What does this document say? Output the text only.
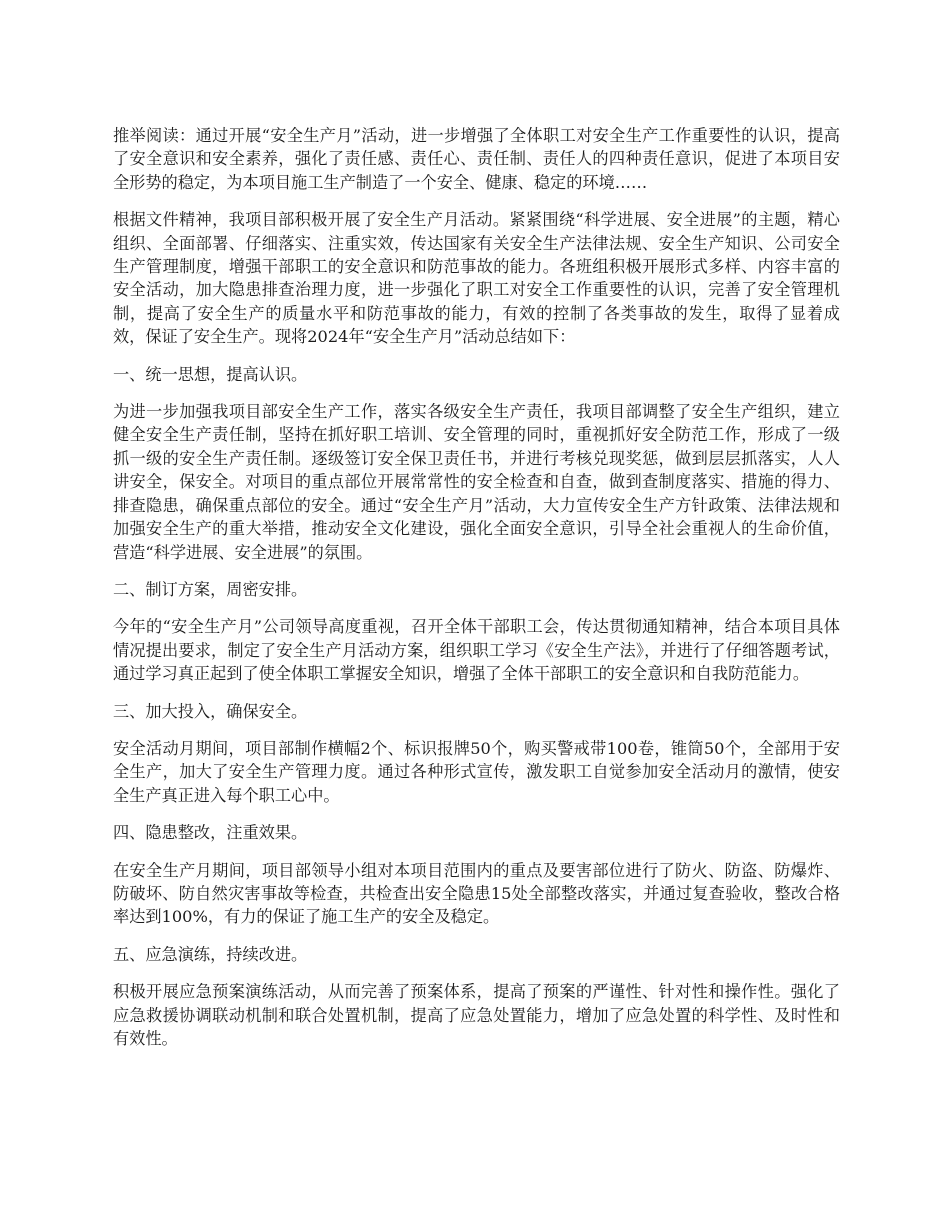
推举阅读：通过开展“安全生产月”活动，进一步增强了全体职工对安全生产工作重要性的认识，提高了安全意识和安全素养，强化了责任感、责任心、责任制、责任人的四种责任意识，促进了本项目安全形势的稳定，为本项目施工生产制造了一个安全、健康、稳定的环境……

根据文件精神，我项目部积极开展了安全生产月活动。紧紧围绕“科学进展、安全进展”的主题，精心组织、全面部署、仔细落实、注重实效，传达国家有关安全生产法律法规、安全生产知识、公司安全生产管理制度，增强干部职工的安全意识和防范事故的能力。各班组积极开展形式多样、内容丰富的安全活动，加大隐患排查治理力度，进一步强化了职工对安全工作重要性的认识，完善了安全管理机制，提高了安全生产的质量水平和防范事故的能力，有效的控制了各类事故的发生，取得了显着成效，保证了安全生产。现将2024年“安全生产月”活动总结如下：

一、统一思想，提高认识。

为进一步加强我项目部安全生产工作，落实各级安全生产责任，我项目部调整了安全生产组织，建立健全安全生产责任制，坚持在抓好职工培训、安全管理的同时，重视抓好安全防范工作，形成了一级抓一级的安全生产责任制。逐级签订安全保卫责任书，并进行考核兑现奖惩，做到层层抓落实，人人讲安全，保安全。对项目的重点部位开展常常性的安全检查和自查，做到查制度落实、措施的得力、排查隐患，确保重点部位的安全。通过“安全生产月”活动，大力宣传安全生产方针政策、法律法规和加强安全生产的重大举措，推动安全文化建设，强化全面安全意识，引导全社会重视人的生命价值，营造“科学进展、安全进展”的氛围。

二、制订方案，周密安排。

今年的“安全生产月”公司领导高度重视，召开全体干部职工会，传达贯彻通知精神，结合本项目具体情况提出要求，制定了安全生产月活动方案，组织职工学习《安全生产法》，并进行了仔细答题考试，通过学习真正起到了使全体职工掌握安全知识，增强了全体干部职工的安全意识和自我防范能力。

三、加大投入，确保安全。

安全活动月期间，项目部制作横幅2个、标识报牌50个，购买警戒带100卷，锥筒50个，全部用于安全生产，加大了安全生产管理力度。通过各种形式宣传，激发职工自觉参加安全活动月的激情，使安全生产真正进入每个职工心中。

四、隐患整改，注重效果。

在安全生产月期间，项目部领导小组对本项目范围内的重点及要害部位进行了防火、防盗、防爆炸、防破坏、防自然灾害事故等检查，共检查出安全隐患15处全部整改落实，并通过复查验收，整改合格率达到100%，有力的保证了施工生产的安全及稳定。

五、应急演练，持续改进。

积极开展应急预案演练活动，从而完善了预案体系，提高了预案的严谨性、针对性和操作性。强化了应急救援协调联动机制和联合处置机制，提高了应急处置能力，增加了应急处置的科学性、及时性和有效性。
